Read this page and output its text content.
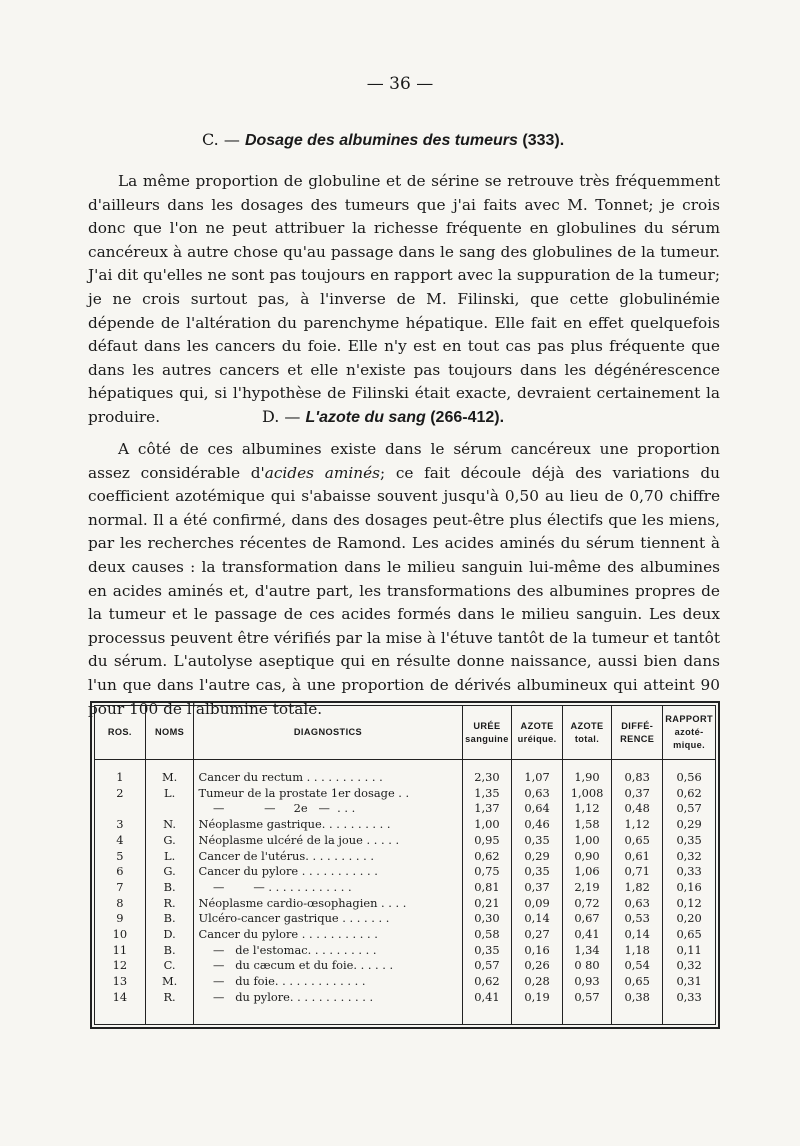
— 36 —
C. — Dosage des albumines des tumeurs (333).
La même proportion de globuline et de sérine se retrouve très fréquemment d'ailleurs dans les dosages des tumeurs que j'ai faits avec M. Tonnet; je crois donc que l'on ne peut attribuer la richesse fréquente en globulines du sérum cancéreux à autre chose qu'au passage dans le sang des globulines de la tumeur. J'ai dit qu'elles ne sont pas toujours en rapport avec la suppuration de la tumeur; je ne crois surtout pas, à l'inverse de M. Filinski, que cette globulinémie dépende de l'altération du parenchyme hépatique. Elle fait en effet quelquefois défaut dans les cancers du foie. Elle n'y est en tout cas pas plus fréquente que dans les autres cancers et elle n'existe pas toujours dans les dégénérescence hépatiques qui, si l'hypothèse de Filinski était exacte, devraient certainement la produire.	D. — L'azote du sang (266-412).
A côté de ces albumines existe dans le sérum cancéreux une proportion assez considérable d'acides aminés; ce fait découle déjà des variations du coefficient azotémique qui s'abaisse souvent jusqu'à 0,50 au lieu de 0,70 chiffre normal. Il a été confirmé, dans des dosages peut-être plus électifs que les miens, par les recherches récentes de Ramond. Les acides aminés du sérum tiennent à deux causes : la transformation dans le milieu sanguin lui-même des albumines en acides aminés et, d'autre part, les transformations des albumines propres de la tumeur et le passage de ces acides formés dans le milieu sanguin. Les deux processus peuvent être vérifiés par la mise à l'étuve tantôt de la tumeur et tantôt du sérum. L'autolyse aseptique qui en résulte donne naissance, aussi bien dans l'un que dans l'autre cas, à une proportion de dérivés albumineux qui atteint 90 pour 100 de l'albumine totale.
ROS.	NOMS	DIAGNOSTICS	URÉE sanguine	AZOTE uréique.	AZOTE total.	DIFFÉ-RENCE	RAPPORT azoté-mique.

1	M.	Cancer du rectum . . . . . . . . . . .	2,30	1,07	1,90	0,83	0,56
2	L.	Tumeur de la prostate 1er dosage . .	1,35	0,63	1,008	0,37	0,62
		—           —     2e   —  . . .	1,37	0,64	1,12	0,48	0,57
3	N.	Néoplasme gastrique. . . . . . . . . .	1,00	0,46	1,58	1,12	0,29
4	G.	Néoplasme ulcéré de la joue . . . . .	0,95	0,35	1,00	0,65	0,35
5	L.	Cancer de l'utérus. . . . . . . . . .	0,62	0,29	0,90	0,61	0,32
6	G.	Cancer du pylore . . . . . . . . . . .	0,75	0,35	1,06	0,71	0,33
7	B.	—        — . . . . . . . . . . . .	0,81	0,37	2,19	1,82	0,16
8	R.	Néoplasme cardio-œsophagien . . . .	0,21	0,09	0,72	0,63	0,12
9	B.	Ulcéro-cancer gastrique . . . . . . .	0,30	0,14	0,67	0,53	0,20
10	D.	Cancer du pylore . . . . . . . . . . .	0,58	0,27	0,41	0,14	0,65
11	B.	—   de l'estomac. . . . . . . . . .	0,35	0,16	1,34	1,18	0,11
12	C.	—   du cæcum et du foie. . . . . .	0,57	0,26	0 80	0,54	0,32
13	M.	—   du foie. . . . . . . . . . . . .	0,62	0,28	0,93	0,65	0,31
14	R.	—   du pylore. . . . . . . . . . . .	0,41	0,19	0,57	0,38	0,33
